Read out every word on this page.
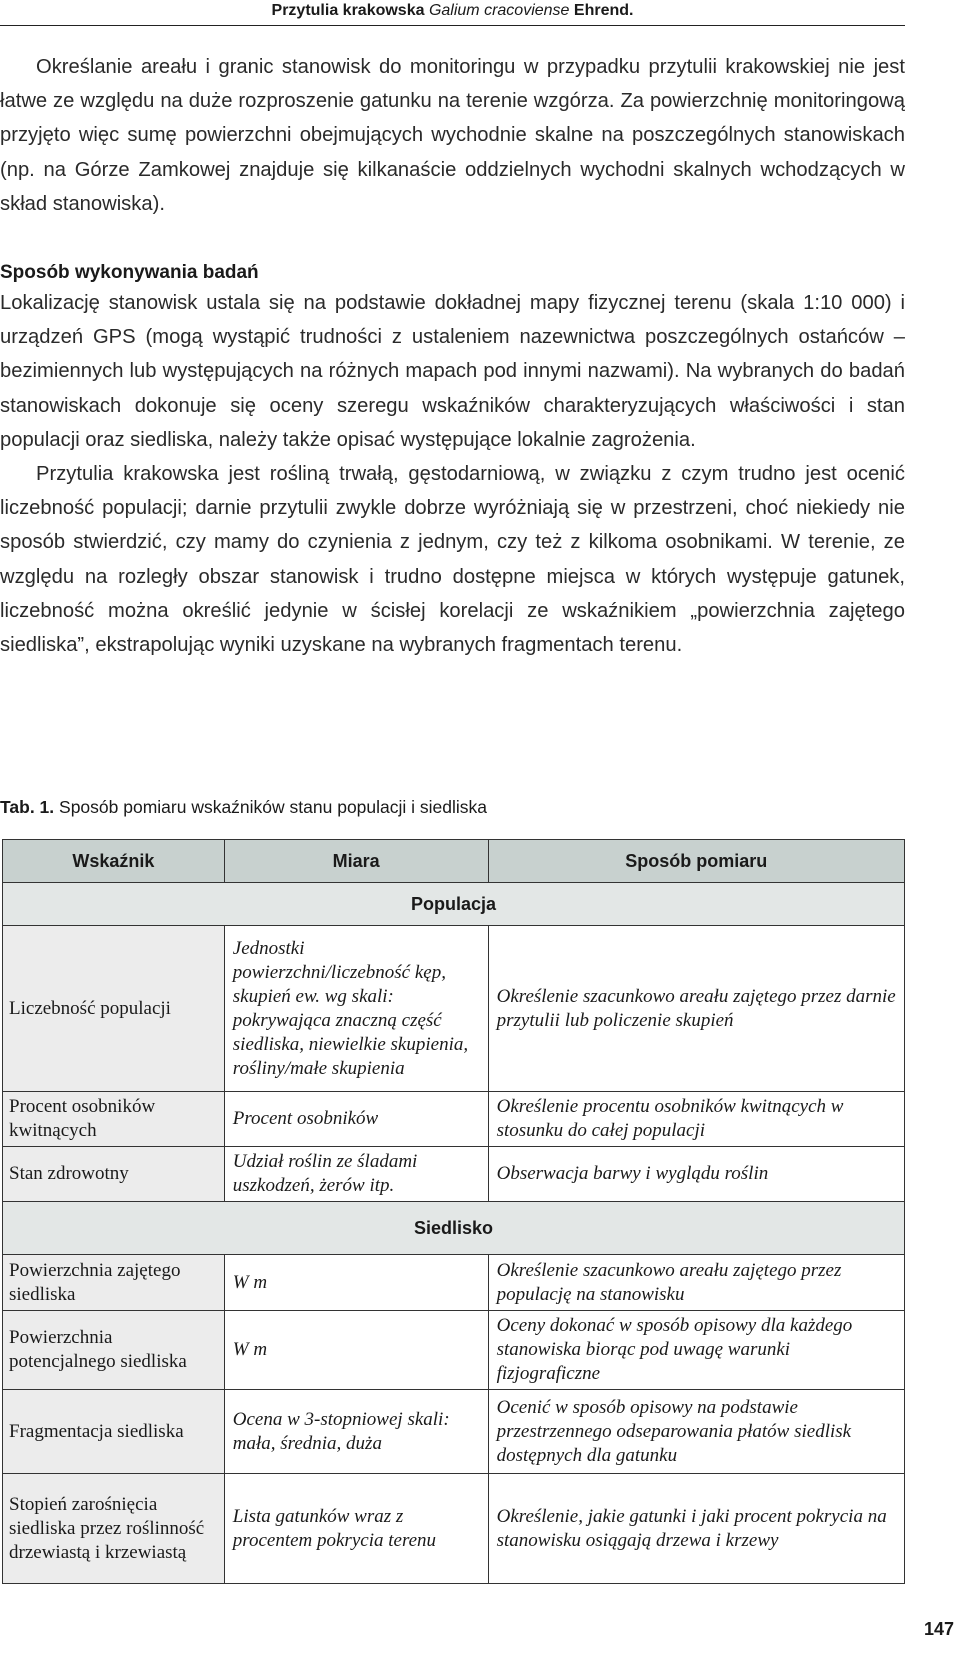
Przytulia krakowska Galium cracoviense Ehrend.

Określanie areału i granic stanowisk do monitoringu w przypadku przytulii krakowskiej nie jest łatwe ze względu na duże rozproszenie gatunku na terenie wzgórza. Za powierzchnię monitoringową przyjęto więc sumę powierzchni obejmujących wychodnie skalne na poszczególnych stanowiskach (np. na Górze Zamkowej znajduje się kilkanaście oddzielnych wychodni skalnych wchodzących w skład stanowiska).

Sposób wykonywania badań

Lokalizację stanowisk ustala się na podstawie dokładnej mapy fizycznej terenu (skala 1:10 000) i urządzeń GPS (mogą wystąpić trudności z ustaleniem nazewnictwa poszczególnych ostańców – bezimiennych lub występujących na różnych mapach pod innymi nazwami). Na wybranych do badań stanowiskach dokonuje się oceny szeregu wskaźników charakteryzujących właściwości i stan populacji oraz siedliska, należy także opisać występujące lokalnie zagrożenia.

Przytulia krakowska jest rośliną trwałą, gęstodarniową, w związku z czym trudno jest ocenić liczebność populacji; darnie przytulii zwykle dobrze wyróżniają się w przestrzeni, choć niekiedy nie sposób stwierdzić, czy mamy do czynienia z jednym, czy też z kilkoma osobnikami. W terenie, ze względu na rozległy obszar stanowisk i trudno dostępne miejsca w których występuje gatunek, liczebność można określić jedynie w ścisłej korelacji ze wskaźnikiem „powierzchnia zajętego siedliska”, ekstrapolując wyniki uzyskane na wybranych fragmentach terenu.

Tab. 1. Sposób pomiaru wskaźników stanu populacji i siedliska
Wskaźnik	Miara	Sposób pomiaru
Populacja		
Liczebność populacji	Jednostki powierzchni/liczebność kęp, skupień ew. wg skali: pokrywająca znaczną część siedliska, niewielkie skupienia, rośliny/małe skupienia	Określenie szacunkowo areału zajętego przez darnie przytulii lub policzenie skupień
Procent osobników kwitnących	Procent osobników	Określenie procentu osobników kwitnących w stosunku do całej populacji
Stan zdrowotny	Udział roślin ze śladami uszkodzeń, żerów itp.	Obserwacja barwy i wyglądu roślin
Siedlisko		
Powierzchnia zajętego siedliska	W m	Określenie szacunkowo areału zajętego przez populację na stanowisku
Powierzchnia potencjalnego siedliska	W m	Oceny dokonać w sposób opisowy dla każdego stanowiska biorąc pod uwagę warunki fizjograficzne
Fragmentacja siedliska	Ocena w 3-stopniowej skali: mała, średnia, duża	Ocenić w sposób opisowy na podstawie przestrzennego odseparowania płatów siedlisk dostępnych dla gatunku
Stopień zarośnięcia siedliska przez roślinność drzewiastą i krzewiastą	Lista gatunków wraz z procentem pokrycia terenu	Określenie, jakie gatunki i jaki procent pokrycia na stanowisku osiągają drzewa i krzewy
147
